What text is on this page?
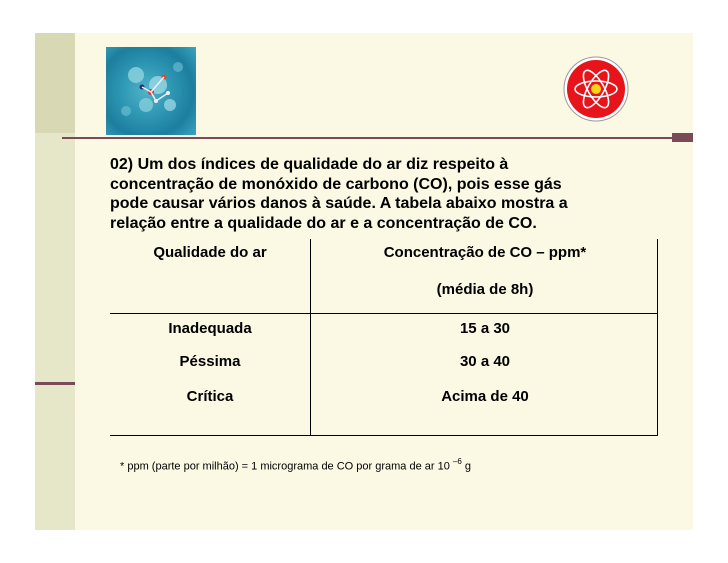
02) Um dos índices de qualidade do ar diz respeito à
concentração de monóxido de carbono (CO), pois esse gás
pode causar vários danos à saúde. A tabela abaixo mostra a
relação entre a qualidade do ar e a concentração de CO.
Qualidade do ar	Concentração de CO – ppm*
(média de 8h)
Inadequada	15 a 30
Péssima	30 a 40
Crítica	Acima de 40
* ppm (parte por milhão) = 1 micrograma de CO por grama de ar 10 $^{-6}$ g
